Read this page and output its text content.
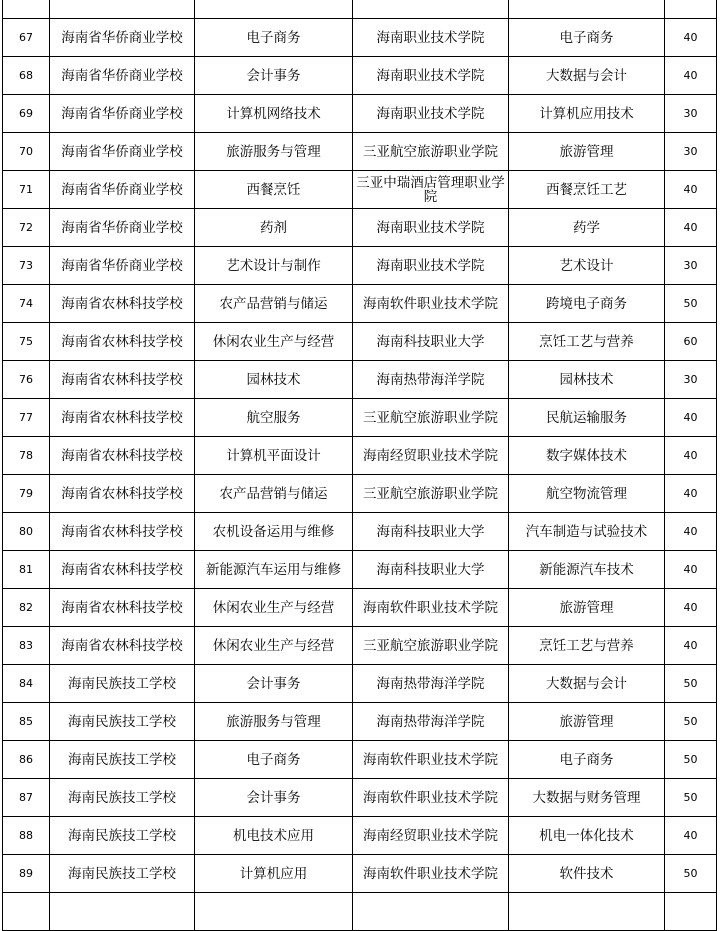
67	海南省华侨商业学校	电子商务	海南职业技术学院	电子商务	40
68	海南省华侨商业学校	会计事务	海南职业技术学院	大数据与会计	40
69	海南省华侨商业学校	计算机网络技术	海南职业技术学院	计算机应用技术	30
70	海南省华侨商业学校	旅游服务与管理	三亚航空旅游职业学院	旅游管理	30
71	海南省华侨商业学校	西餐烹饪	三亚中瑞酒店管理职业学院	西餐烹饪工艺	40
72	海南省华侨商业学校	药剂	海南职业技术学院	药学	40
73	海南省华侨商业学校	艺术设计与制作	海南职业技术学院	艺术设计	30
74	海南省农林科技学校	农产品营销与储运	海南软件职业技术学院	跨境电子商务	50
75	海南省农林科技学校	休闲农业生产与经营	海南科技职业大学	烹饪工艺与营养	60
76	海南省农林科技学校	园林技术	海南热带海洋学院	园林技术	30
77	海南省农林科技学校	航空服务	三亚航空旅游职业学院	民航运输服务	40
78	海南省农林科技学校	计算机平面设计	海南经贸职业技术学院	数字媒体技术	40
79	海南省农林科技学校	农产品营销与储运	三亚航空旅游职业学院	航空物流管理	40
80	海南省农林科技学校	农机设备运用与维修	海南科技职业大学	汽车制造与试验技术	40
81	海南省农林科技学校	新能源汽车运用与维修	海南科技职业大学	新能源汽车技术	40
82	海南省农林科技学校	休闲农业生产与经营	海南软件职业技术学院	旅游管理	40
83	海南省农林科技学校	休闲农业生产与经营	三亚航空旅游职业学院	烹饪工艺与营养	40
84	海南民族技工学校	会计事务	海南热带海洋学院	大数据与会计	50
85	海南民族技工学校	旅游服务与管理	海南热带海洋学院	旅游管理	50
86	海南民族技工学校	电子商务	海南软件职业技术学院	电子商务	50
87	海南民族技工学校	会计事务	海南软件职业技术学院	大数据与财务管理	50
88	海南民族技工学校	机电技术应用	海南经贸职业技术学院	机电一体化技术	40
89	海南民族技工学校	计算机应用	海南软件职业技术学院	软件技术	50
